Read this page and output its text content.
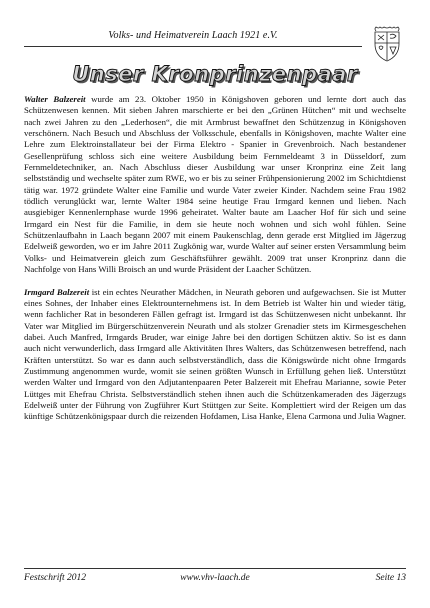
Volks- und Heimatverein Laach 1921 e.V.
Unser Kronprinzenpaar

Walter Balzereit wurde am 23. Oktober 1950 in Königshoven geboren und lernte dort auch das Schützenwesen kennen. Mit sieben Jahren marschierte er bei den „Grünen Hütchen“ mit und wechselte nach zwei Jahren zu den „Lederhosen“, die mit Armbrust bewaffnet den Schützenzug in Königshoven verschönern. Nach Besuch und Abschluss der Volksschule, ebenfalls in Königshoven, machte Walter eine Lehre zum Elektroinstallateur bei der Firma Elektro - Spanier in Grevenbroich. Nach bestandener Gesellenprüfung schloss sich eine weitere Ausbildung beim Fernmeldeamt 3 in Düsseldorf, zum Fernmeldetechniker, an. Nach Abschluss dieser Ausbildung war unser Kronprinz eine Zeit lang selbstständig und wechselte später zum RWE, wo er bis zu seiner Frühpensionierung 2002 im Schichtdienst tätig war. 1972 gründete Walter eine Familie und wurde Vater zweier Kinder. Nachdem seine Frau 1982 tödlich verunglückt war, lernte Walter 1984 seine heutige Frau Irmgard kennen und lieben. Nach ausgiebiger Kennenlernphase wurde 1996 geheiratet. Walter baute am Laacher Hof für sich und seine Irmgard ein Nest für die Familie, in dem sie heute noch wohnen und sich wohl fühlen. Seine Schützenlaufbahn in Laach begann 2007 mit einem Paukenschlag, denn gerade erst Mitglied im Jägerzug Edelweiß geworden, wo er im Jahre 2011 Zugkönig war, wurde Walter auf seiner ersten Versammlung beim Volks- und Heimatverein gleich zum Geschäftsführer gewählt. 2009 trat unser Kronprinz dann die Nachfolge von Hans Willi Broisch an und wurde Präsident der Laacher Schützen.

Irmgard Balzereit ist ein echtes Neurather Mädchen, in Neurath geboren und aufgewachsen. Sie ist Mutter eines Sohnes, der Inhaber eines Elektrounternehmens ist. In dem Betrieb ist Walter hin und wieder tätig, wenn fachlicher Rat in besonderen Fällen gefragt ist. Irmgard ist das Schützenwesen nicht unbekannt. Ihr Vater war Mitglied im Bürgerschützenverein Neurath und als stolzer Grenadier stets im Kirmesgeschehen dabei. Auch Manfred, Irmgards Bruder, war einige Jahre bei den dortigen Schützen aktiv. So ist es dann auch nicht verwunderlich, dass Irmgard alle Aktivitäten Ihres Walters, das Schützenwesen betreffend, nach Kräften unterstützt. So war es dann auch selbstverständlich, dass die Königswürde nicht ohne Irmgards Zustimmung angenommen wurde, womit sie seinen größten Wunsch in Erfüllung gehen ließ. Unterstützt werden Walter und Irmgard von den Adjutantenpaaren Peter Balzereit mit Ehefrau Marianne, sowie Peter Lüttges mit Ehefrau Christa. Selbstverständlich stehen ihnen auch die Schützenkameraden des Jägerzugs Edelweiß unter der Führung von Zugführer Kurt Stüttgen zur Seite. Komplettiert wird der Reigen um das künftige Schützenkönigspaar durch die reizenden Hofdamen, Lisa Hanke, Elena Carmona und Julia Wagner.

Festschrift 2012	www.vhv-laach.de	Seite 13
